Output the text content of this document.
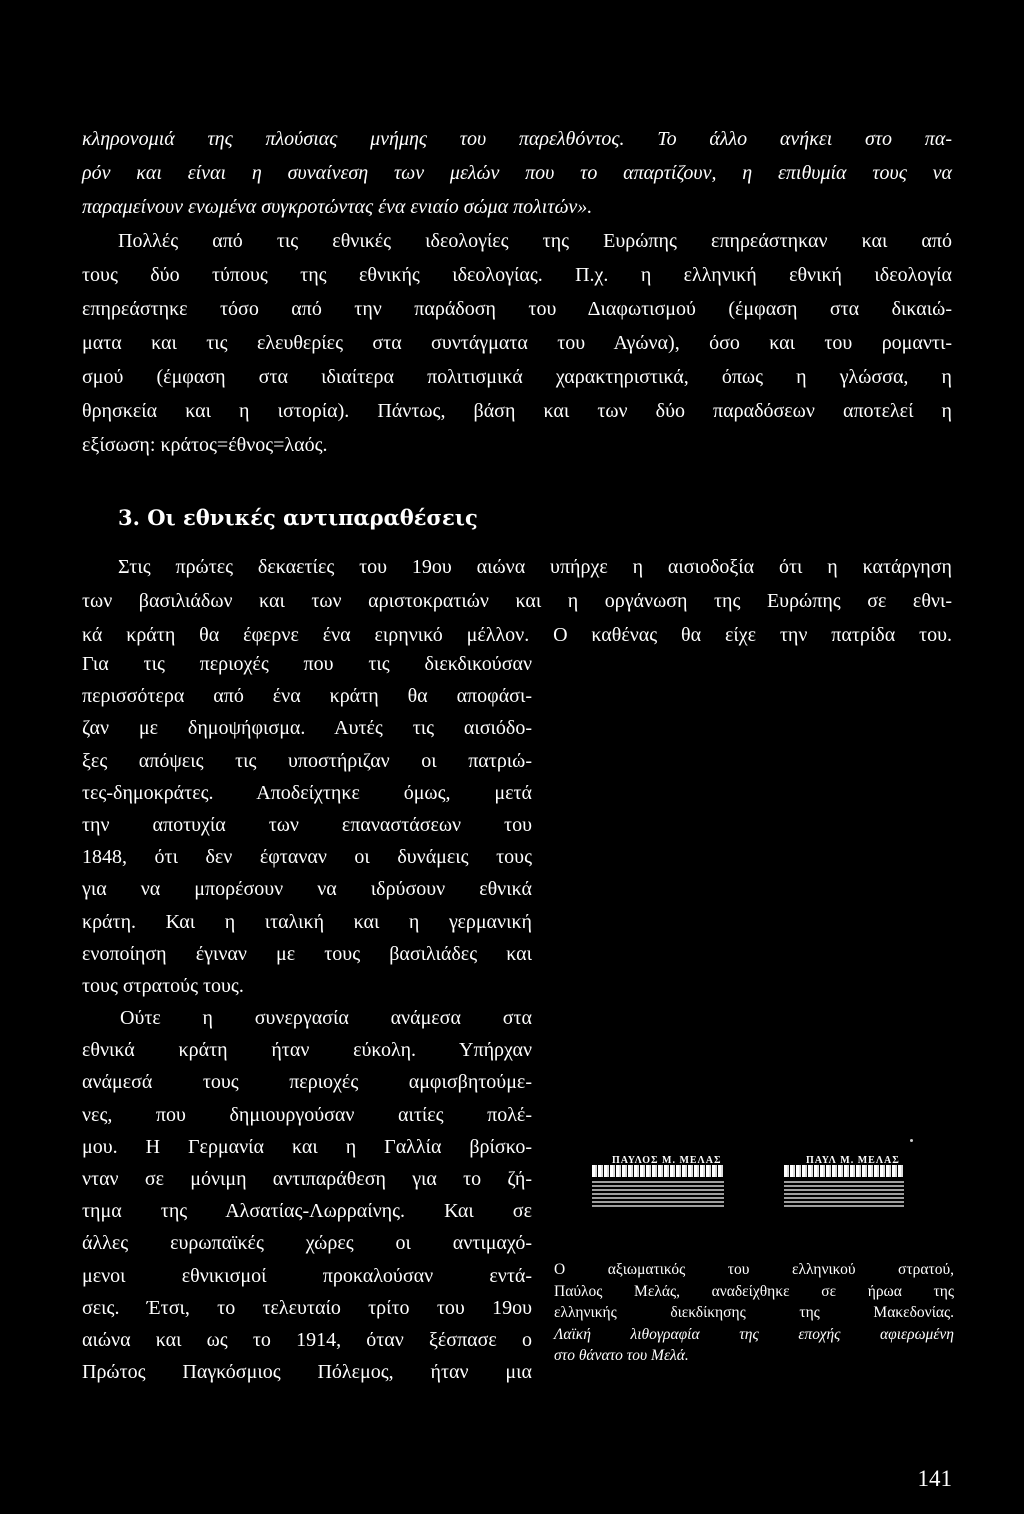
κληρονομιά της πλούσιας μνήμης του παρελθόντος. Το άλλο ανήκει στο πα-
ρόν και είναι η συναίνεση των μελών που το απαρτίζουν, η επιθυμία τους να
παραμείνουν ενωμένα συγκροτώντας ένα ενιαίο σώμα πολιτών».
Πολλές από τις εθνικές ιδεολογίες της Ευρώπης επηρεάστηκαν και από
τους δύο τύπους της εθνικής ιδεολογίας. Π.χ. η ελληνική εθνική ιδεολογία
επηρεάστηκε τόσο από την παράδοση του Διαφωτισμού (έμφαση στα δικαιώ-
ματα και τις ελευθερίες στα συντάγματα του Αγώνα), όσο και του ρομαντι-
σμού (έμφαση στα ιδιαίτερα πολιτισμικά χαρακτηριστικά, όπως η γλώσσα, η
θρησκεία και η ιστορία). Πάντως, βάση και των δύο παραδόσεων αποτελεί η
εξίσωση: κράτος=έθνος=λαός.
3. Οι εθνικές αντιπαραθέσεις
Στις πρώτες δεκαετίες του 19ου αιώνα υπήρχε η αισιοδοξία ότι η κατάργηση
των βασιλιάδων και των αριστοκρατιών και η οργάνωση της Ευρώπης σε εθνι-
κά κράτη θα έφερνε ένα ειρηνικό μέλλον. Ο καθένας θα είχε την πατρίδα του.
Για τις περιοχές που τις διεκδικούσαν
περισσότερα από ένα κράτη θα αποφάσι-
ζαν με δημοψήφισμα. Αυτές τις αισιόδο-
ξες απόψεις τις υποστήριζαν οι πατριώ-
τες-δημοκράτες. Αποδείχτηκε όμως, μετά
την αποτυχία των επαναστάσεων του
1848, ότι δεν έφταναν οι δυνάμεις τους
για να μπορέσουν να ιδρύσουν εθνικά
κράτη. Και η ιταλική και η γερμανική
ενοποίηση έγιναν με τους βασιλιάδες και
τους στρατούς τους.
Ούτε η συνεργασία ανάμεσα στα
εθνικά κράτη ήταν εύκολη. Υπήρχαν
ανάμεσά τους περιοχές αμφισβητούμε-
νες, που δημιουργούσαν αιτίες πολέ-
μου. Η Γερμανία και η Γαλλία βρίσκο-
νταν σε μόνιμη αντιπαράθεση για το ζή-
τημα της Αλσατίας-Λωρραίνης. Και σε
άλλες ευρωπαϊκές χώρες οι αντιμαχό-
μενοι εθνικισμοί προκαλούσαν εντά-
σεις. Έτσι, το τελευταίο τρίτο του 19ου
αιώνα και ως το 1914, όταν ξέσπασε ο
Πρώτος Παγκόσμιος Πόλεμος, ήταν μια
ΠΑΥΛΟΣ Μ. ΜΕΛΑΣ	ΠΑΥΛ Μ. ΜΕΛΑΣ
Ο αξιωματικός του ελληνικού στρατού,
Παύλος Μελάς, αναδείχθηκε σε ήρωα της
ελληνικής διεκδίκησης της Μακεδονίας.
Λαϊκή λιθογραφία της εποχής αφιερωμένη
στο θάνατο του Μελά.

141
